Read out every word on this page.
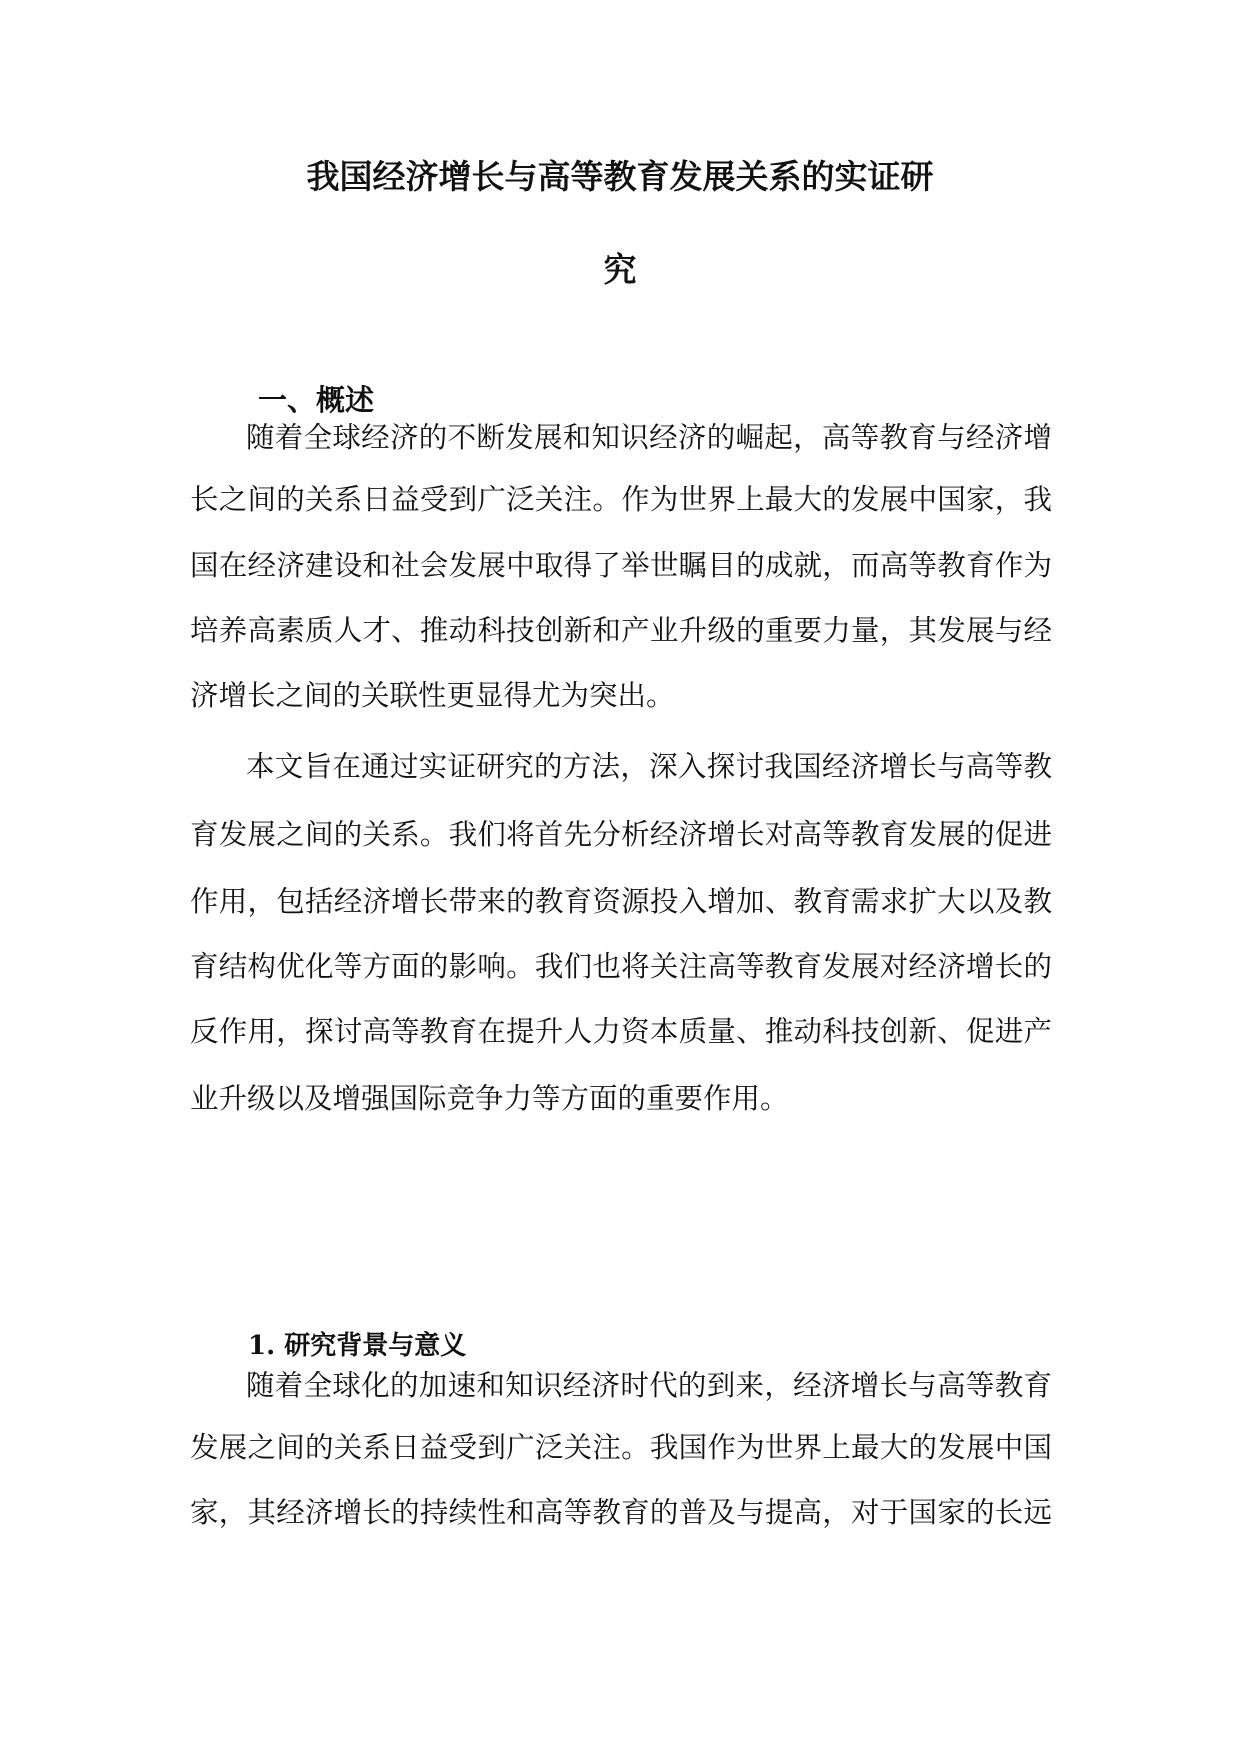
我国经济增长与高等教育发展关系的实证研
究
一、概述

随着全球经济的不断发展和知识经济的崛起，高等教育与经济增

长之间的关系日益受到广泛关注。作为世界上最大的发展中国家，我

国在经济建设和社会发展中取得了举世瞩目的成就，而高等教育作为

培养高素质人才、推动科技创新和产业升级的重要力量，其发展与经

济增长之间的关联性更显得尤为突出。

本文旨在通过实证研究的方法，深入探讨我国经济增长与高等教

育发展之间的关系。我们将首先分析经济增长对高等教育发展的促进

作用，包括经济增长带来的教育资源投入增加、教育需求扩大以及教

育结构优化等方面的影响。我们也将关注高等教育发展对经济增长的

反作用，探讨高等教育在提升人力资本质量、推动科技创新、促进产

业升级以及增强国际竞争力等方面的重要作用。

1. 研究背景与意义

随着全球化的加速和知识经济时代的到来，经济增长与高等教育

发展之间的关系日益受到广泛关注。我国作为世界上最大的发展中国

家，其经济增长的持续性和高等教育的普及与提高，对于国家的长远
